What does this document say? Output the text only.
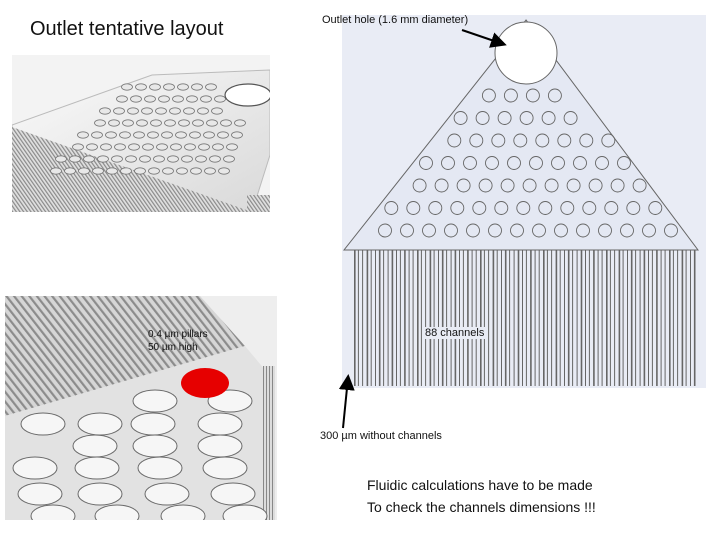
Outlet tentative layout
0.4 µm pillars
50 µm high
Outlet hole (1.6 mm diameter)
88 channels
300 µm without channels
Fluidic calculations have to be made
To check the channels dimensions !!!
